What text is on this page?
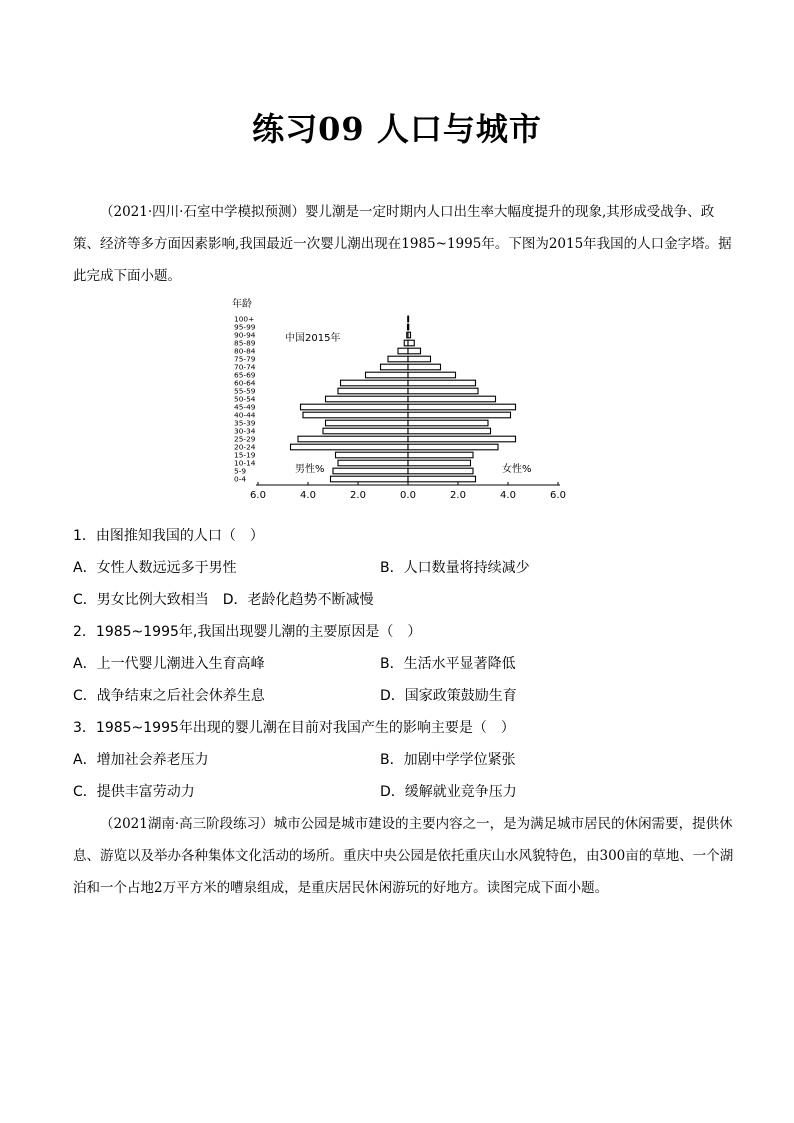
练习09 人口与城市
（2021·四川·石室中学模拟预测）婴儿潮是一定时期内人口出生率大幅度提升的现象,其形成受战争、政策、经济等多方面因素影响,我国最近一次婴儿潮出现在1985~1995年。下图为2015年我国的人口金字塔。据此完成下面小题。
0-4
5-9
10-14
15-19
20-24
25-29
30-34
35-39
40-44
45-49
50-54
55-59
60-64
65-69
70-74
75-79
80-84
85-89
90-94
95-99
100+
6.0	4.0	2.0	0.0	2.0	4.0	6.0
年龄
中国2015年
男性%	女性%
1．由图推知我国的人口（　）
A．女性人数远远多于男性	B．人口数量将持续减少
C．男女比例大致相当　D．老龄化趋势不断减慢
2．1985~1995年,我国出现婴儿潮的主要原因是（　）
A．上一代婴儿潮进入生育高峰	B．生活水平显著降低
C．战争结束之后社会休养生息	D．国家政策鼓励生育
3．1985~1995年出现的婴儿潮在目前对我国产生的影响主要是（　）
A．增加社会养老压力	B．加剧中学学位紧张
C．提供丰富劳动力	D．缓解就业竞争压力
（2021湖南·高三阶段练习）城市公园是城市建设的主要内容之一，是为满足城市居民的休闲需要，提供休息、游览以及举办各种集体文化活动的场所。重庆中央公园是依托重庆山水风貌特色，由300亩的草地、一个湖泊和一个占地2万平方米的嘈泉组成，是重庆居民休闲游玩的好地方。读图完成下面小题。
